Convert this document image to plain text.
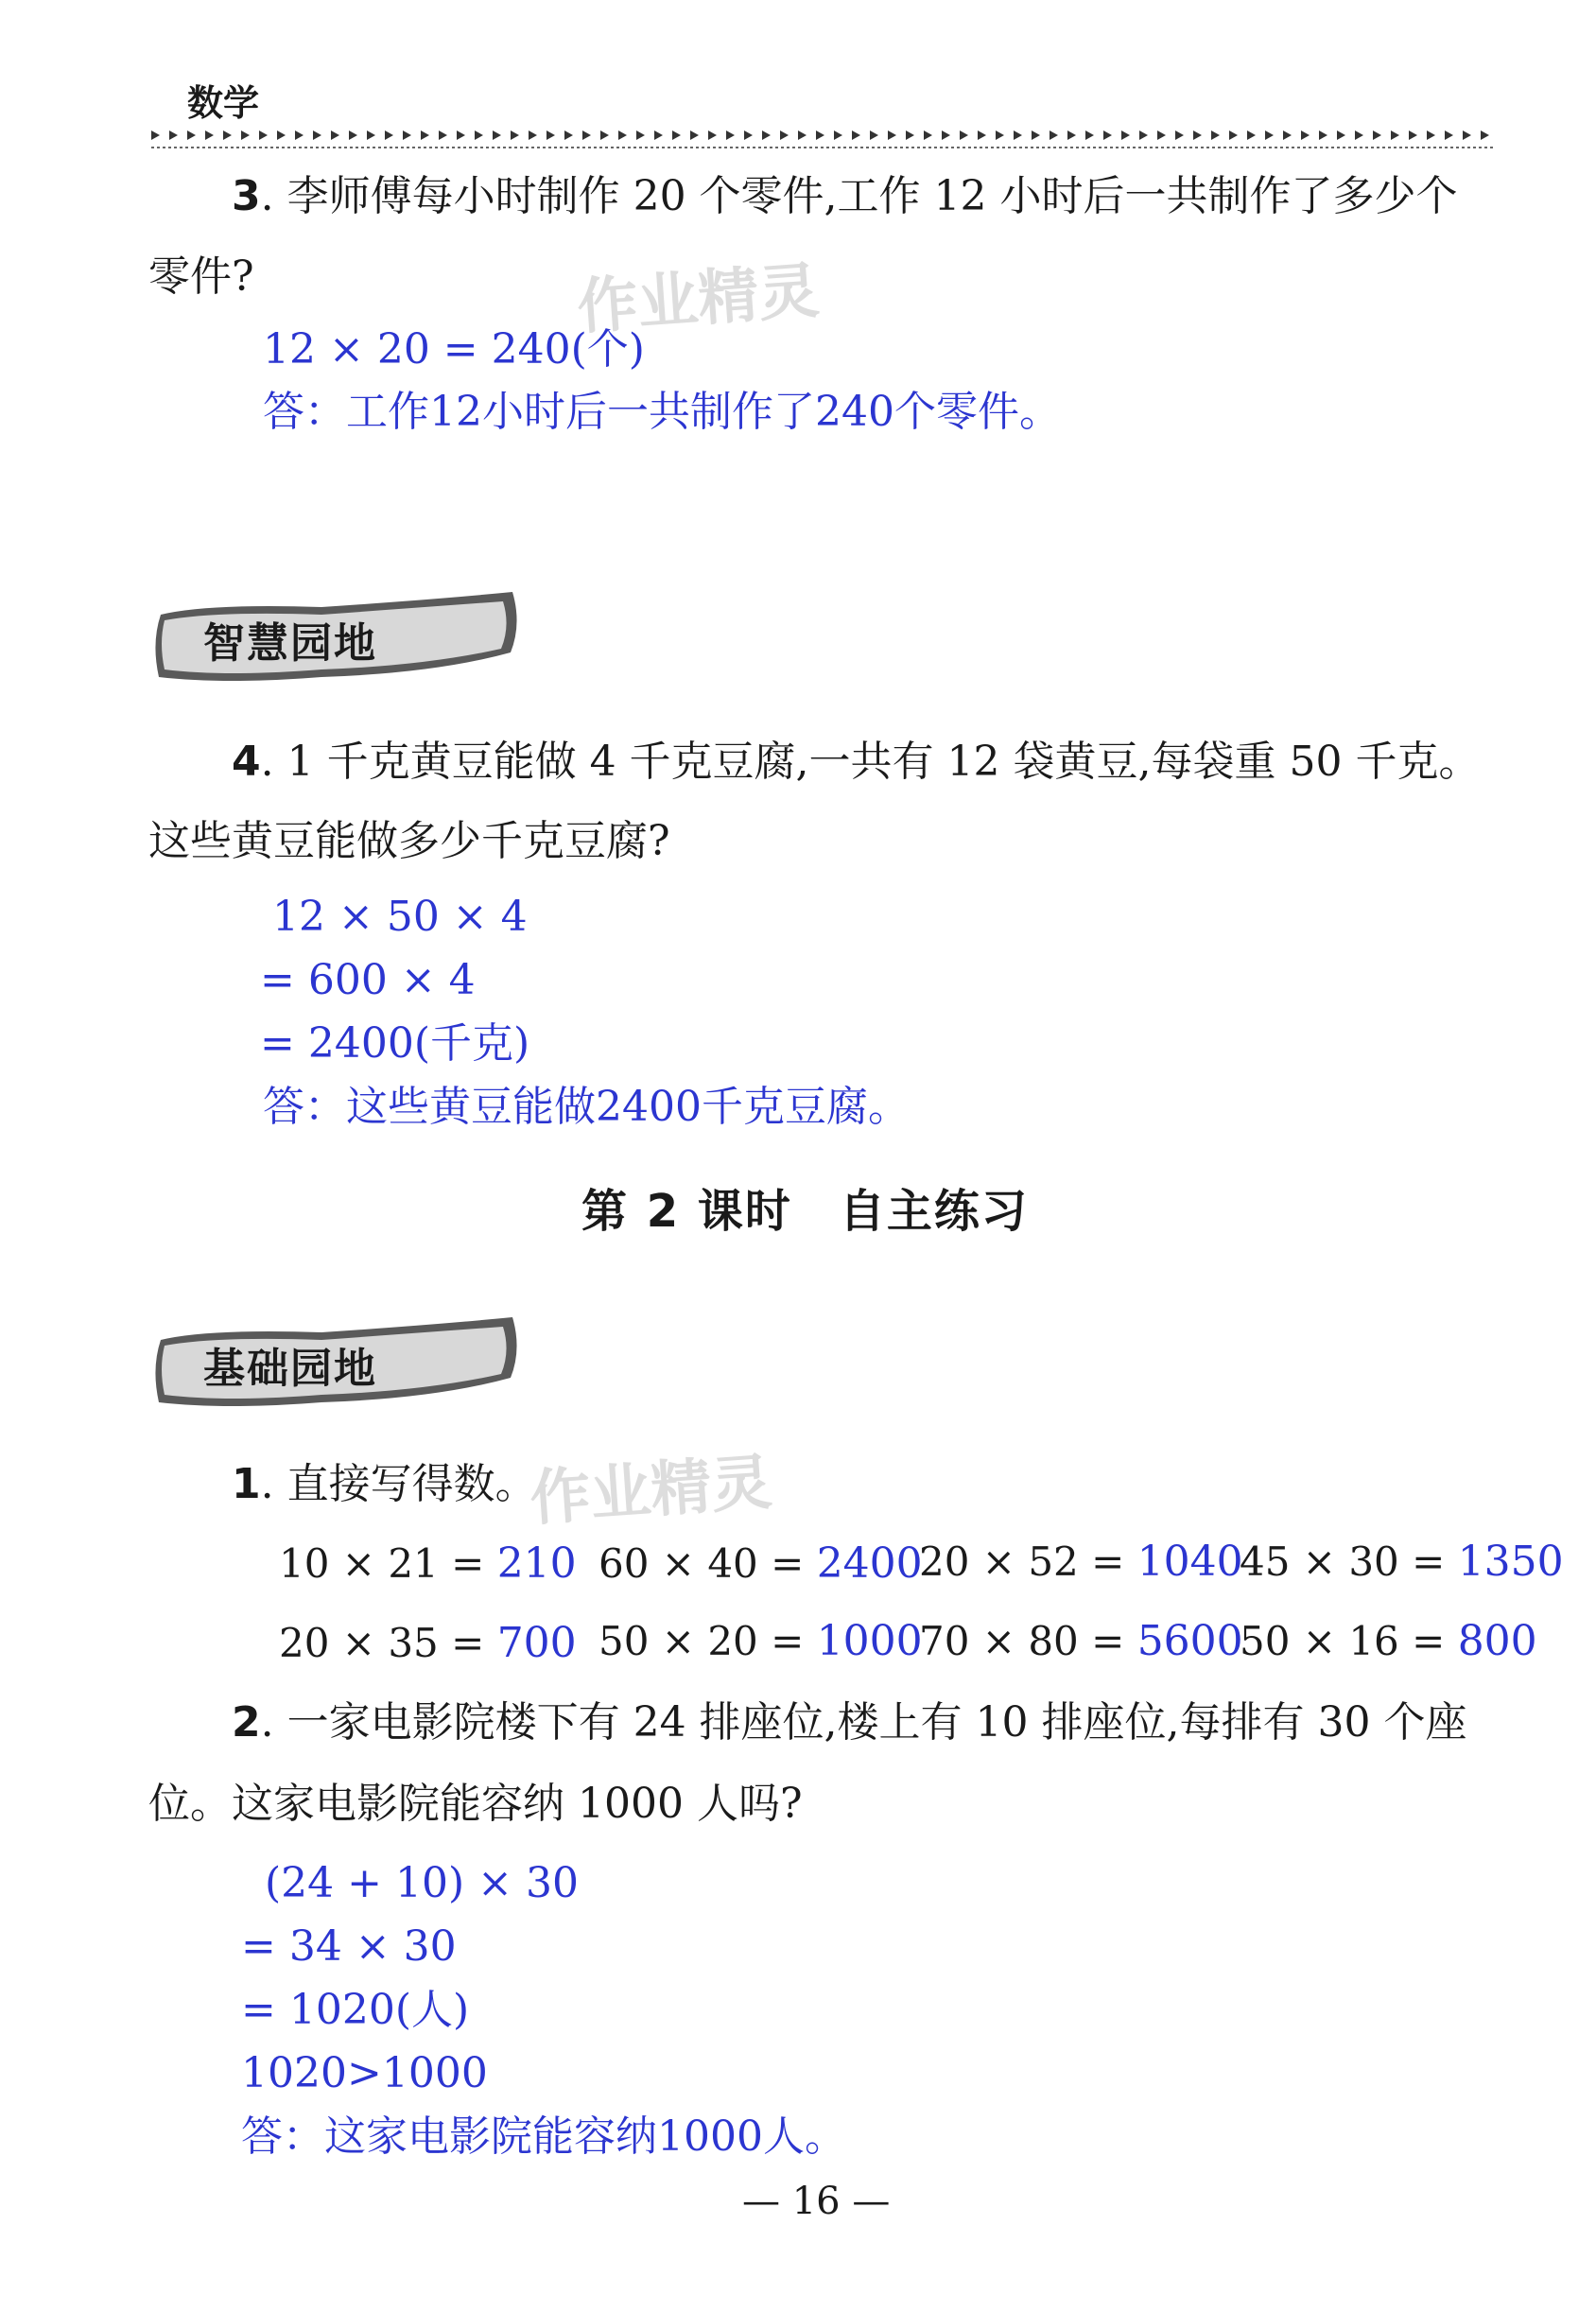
数学
3. 李师傅每小时制作 20 个零件,工作 12 小时后一共制作了多少个
零件?	作业精灵
12 × 20 = 240(个)
答：工作12小时后一共制作了240个零件。
智慧园地
4. 1 千克黄豆能做 4 千克豆腐,一共有 12 袋黄豆,每袋重 50 千克。
这些黄豆能做多少千克豆腐?
12 × 50 × 4
= 600 × 4
= 2400(千克)
答：这些黄豆能做2400千克豆腐。
第 2 课时　自主练习
基础园地
1. 直接写得数。
作业精灵
10 × 21 = 210 60 × 40 = 2400
20 × 52 = 1040
45 × 30 = 1350
20 × 35 = 700 50 × 20 = 1000
70 × 80 = 5600
50 × 16 = 800
2. 一家电影院楼下有 24 排座位,楼上有 10 排座位,每排有 30 个座
位。这家电影院能容纳 1000 人吗?
(24 + 10) × 30
= 34 × 30
= 1020(人)
1020>1000
答：这家电影院能容纳1000人。
— 16 —
